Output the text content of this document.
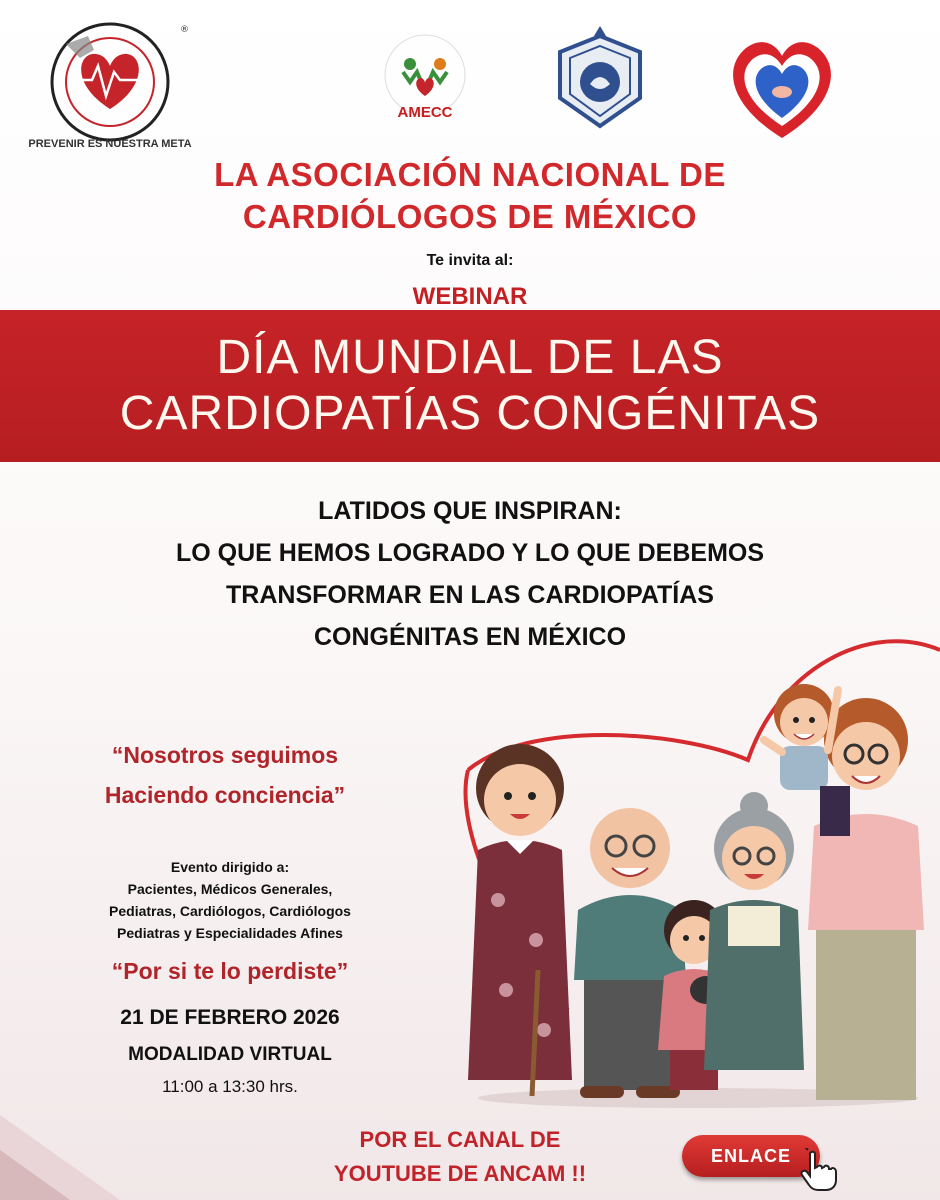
®
PREVENIR ES NUESTRA META
AMECC
LA ASOCIACIÓN NACIONAL DE
CARDIÓLOGOS DE MÉXICO
Te invita al:
WEBINAR
DÍA MUNDIAL DE LAS
CARDIOPATÍAS CONGÉNITAS
LATIDOS QUE INSPIRAN:
LO QUE HEMOS LOGRADO Y LO QUE DEBEMOS
TRANSFORMAR EN LAS CARDIOPATÍAS
CONGÉNITAS EN MÉXICO
“Nosotros seguimos
Haciendo conciencia”
Evento dirigido a:
Pacientes, Médicos Generales,
Pediatras, Cardiólogos, Cardiólogos
Pediatras y Especialidades Afines
“Por si te lo perdiste”
21 DE FEBRERO 2026
MODALIDAD VIRTUAL
11:00 a 13:30 hrs.
POR EL CANAL DE
YOUTUBE DE ANCAM !!
ENLACE
